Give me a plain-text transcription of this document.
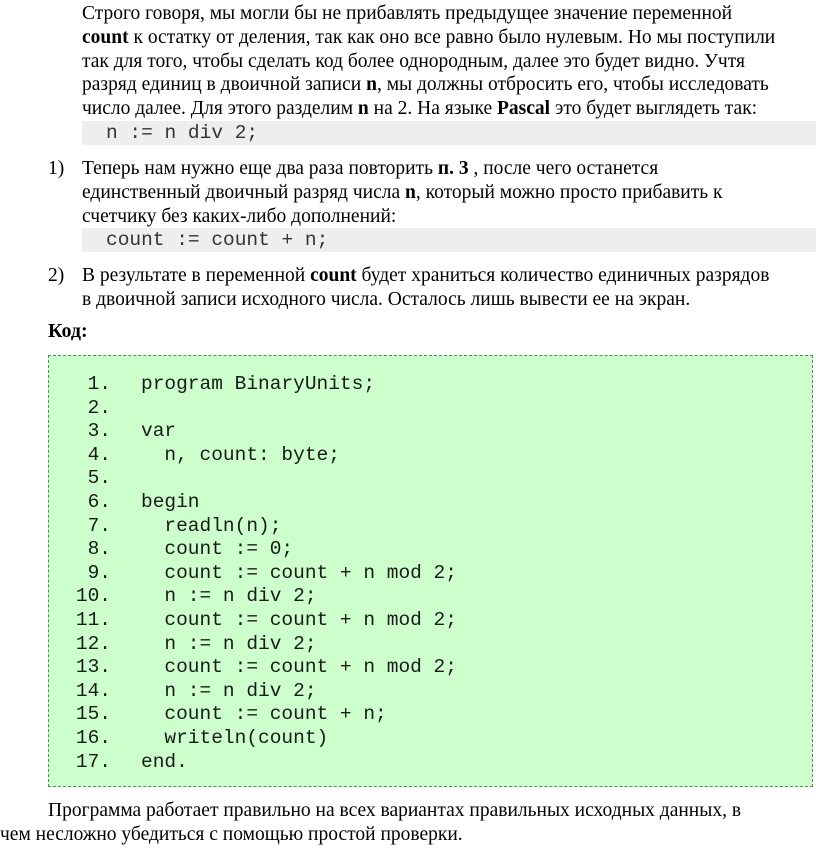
Строго говоря, мы могли бы не прибавлять предыдущее значение переменной
count к остатку от деления, так как оно все равно было нулевым. Но мы поступили
так для того, чтобы сделать код более однородным, далее это будет видно. Учтя
разряд единиц в двоичной записи n, мы должны отбросить его, чтобы исследовать
число далее. Для этого разделим n на 2. На языке Pascal это будет выглядеть так:
n := n div 2;
1) Теперь нам нужно еще два раза повторить п. 3 , после чего останется
единственный двоичный разряд числа n, который можно просто прибавить к
счетчику без каких-либо дополнений:
count := count + n;
2) В результате в переменной count будет храниться количество единичных разрядов
в двоичной записи исходного числа. Осталось лишь вывести ее на экран.
Код:
1. program BinaryUnits;
2.
3. var
4. n, count: byte;
5.
6. begin
7. readln(n);
8. count := 0;
9. count := count + n mod 2;
10. n := n div 2;
11. count := count + n mod 2;
12. n := n div 2;
13. count := count + n mod 2;
14. n := n div 2;
15. count := count + n;
16. writeln(count)
17. end.
Программа работает правильно на всех вариантах правильных исходных данных, в
чем несложно убедиться с помощью простой проверки.
